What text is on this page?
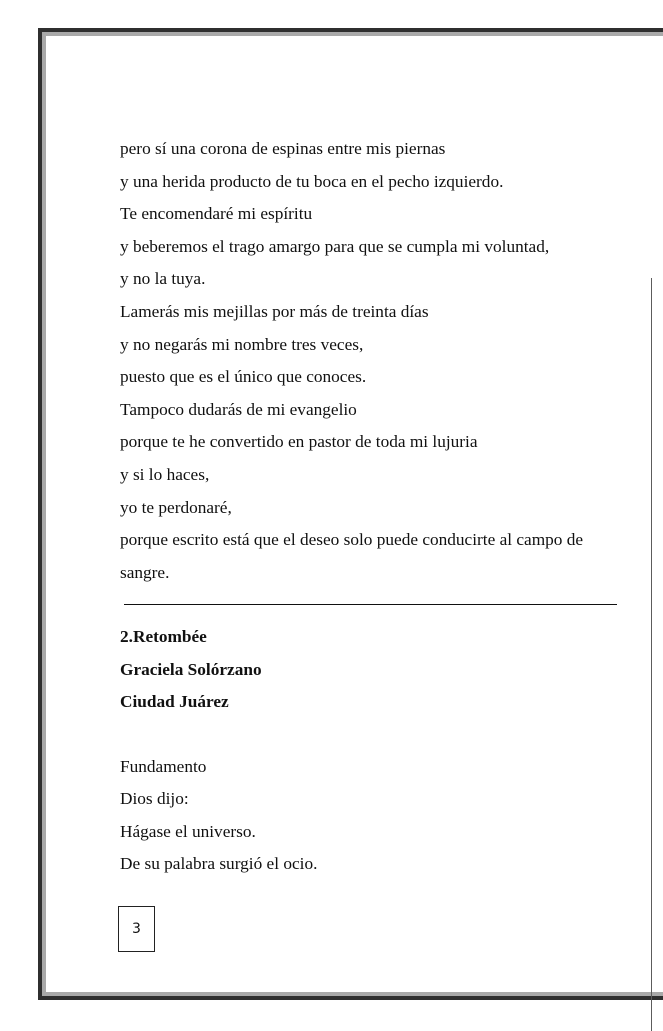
pero sí una corona de espinas entre mis piernas
y una herida producto de tu boca en el pecho izquierdo.
Te encomendaré mi espíritu
y beberemos el trago amargo para que se cumpla mi voluntad,
y no la tuya.
Lamerás mis mejillas por más de treinta días
y no negarás mi nombre tres veces,
puesto que es el único que conoces.
Tampoco dudarás de mi evangelio
porque te he convertido en pastor de toda mi lujuria
y si lo haces,
yo te perdonaré,
porque escrito está que el deseo solo puede conducirte al campo de
sangre.
2.Retombée
Graciela Solórzano
Ciudad Juárez
Fundamento
Dios dijo:
Hágase el universo.
De su palabra surgió el ocio.
3
